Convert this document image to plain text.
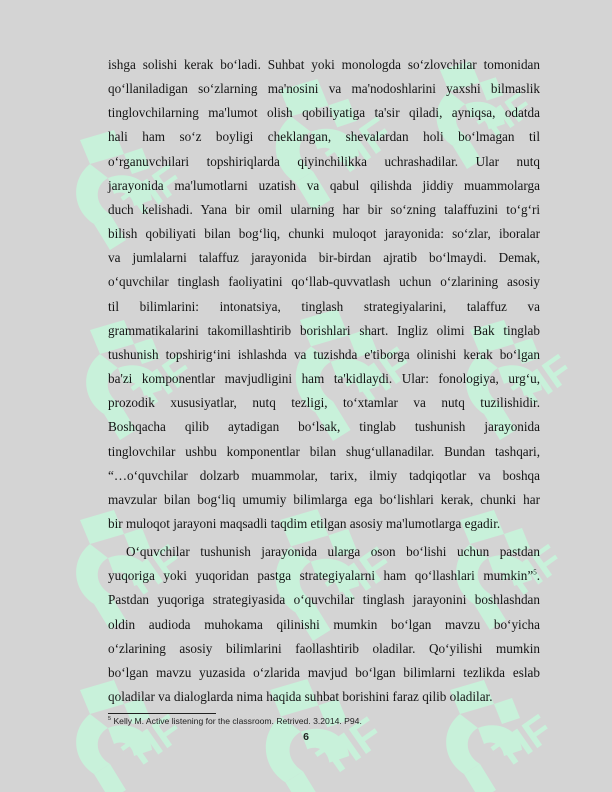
TIF

ishga solishi kerak bo‘ladi. Suhbat yoki monologda so‘zlovchilar tomonidan
qo‘llaniladigan so‘zlarning ma'nosini va ma'nodoshlarini yaxshi bilmaslik
tinglovchilarning ma'lumot olish qobiliyatiga ta'sir qiladi, ayniqsa, odatda
hali ham so‘z boyligi cheklangan, shevalardan holi bo‘lmagan til
o‘rganuvchilari topshiriqlarda qiyinchilikka uchrashadilar. Ular nutq
jarayonida ma'lumotlarni uzatish va qabul qilishda jiddiy muammolarga
duch kelishadi. Yana bir omil ularning har bir so‘zning talaffuzini to‘g‘ri
bilish qobiliyati bilan bog‘liq, chunki muloqot jarayonida: so‘zlar, iboralar
va jumlalarni talaffuz jarayonida bir-birdan ajratib bo‘lmaydi. Demak,
o‘quvchilar tinglash faoliyatini qo‘llab-quvvatlash uchun o‘zlarining asosiy
til bilimlarini: intonatsiya, tinglash strategiyalarini, talaffuz va
grammatikalarini takomillashtirib borishlari shart. Ingliz olimi Bak tinglab
tushunish topshirig‘ini ishlashda va tuzishda e'tiborga olinishi kerak bo‘lgan
ba'zi komponentlar mavjudligini ham ta'kidlaydi. Ular: fonologiya, urg‘u,
prozodik xususiyatlar, nutq tezligi, to‘xtamlar va nutq tuzilishidir.
Boshqacha qilib aytadigan bo‘lsak, tinglab tushunish jarayonida
tinglovchilar ushbu komponentlar bilan shug‘ullanadilar. Bundan tashqari,
“…o‘quvchilar dolzarb muammolar, tarix, ilmiy tadqiqotlar va boshqa
mavzular bilan bog‘liq umumiy bilimlarga ega bo‘lishlari kerak, chunki har
bir muloqot jarayoni maqsadli taqdim etilgan asosiy ma'lumotlarga egadir.

O‘quvchilar tushunish jarayonida ularga oson bo‘lishi uchun pastdan
yuqoriga yoki yuqoridan pastga strategiyalarni ham qo‘llashlari mumkin”$^5$.
Pastdan yuqoriga strategiyasida o‘quvchilar tinglash jarayonini boshlashdan
oldin audioda muhokama qilinishi mumkin bo‘lgan mavzu bo‘yicha
o‘zlarining asosiy bilimlarini faollashtirib oladilar. Qo‘yilishi mumkin
bo‘lgan mavzu yuzasida o‘zlarida mavjud bo‘lgan bilimlarni tezlikda eslab
qoladilar va dialoglarda nima haqida suhbat borishini faraz qilib oladilar.

$^5$ Kelly M. Active listening for the classroom. Retrived. 3.2014. P94.
6
